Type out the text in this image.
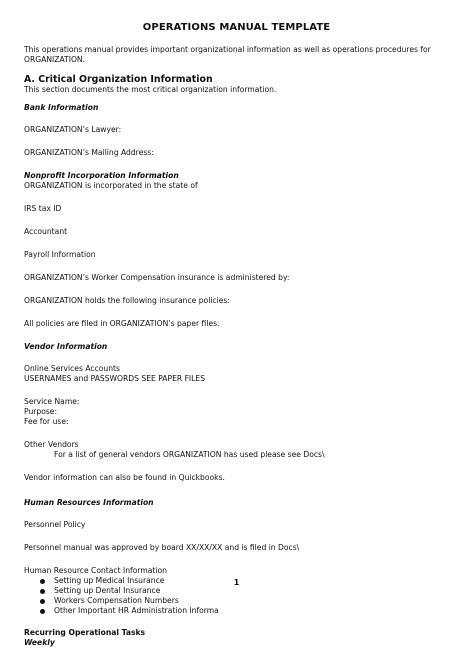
OPERATIONS MANUAL TEMPLATE

This operations manual provides important organizational information as well as operations procedures for ORGANIZATION.

A. Critical Organization Information

This section documents the most critical organization information.

Bank Information

ORGANIZATION’s Lawyer:

ORGANIZATION’s Mailing Address:

Nonprofit Incorporation Information

ORGANIZATION is incorporated in the state of

IRS tax ID

Accountant

Payroll Information

ORGANIZATION’s Worker Compensation insurance is administered by:

ORGANIZATION holds the following insurance policies:

All policies are filed in ORGANIZATION’s paper files.

Vendor Information

Online Services Accounts

USERNAMES and PASSWORDS SEE PAPER FILES

Service Name:

Purpose:

Fee for use:

Other Vendors

For a list of general vendors ORGANIZATION has used please see Docs\

Vendor information can also be found in Quickbooks.

Human Resources Information

Personnel Policy

Personnel manual was approved by board XX/XX/XX and is filed in Docs\

Human Resource Contact Information

Setting up Medical Insurance
Setting up Dental Insurance
Workers Compensation Numbers
Other Important HR Administration Informa

Recurring Operational Tasks

Weekly

1
